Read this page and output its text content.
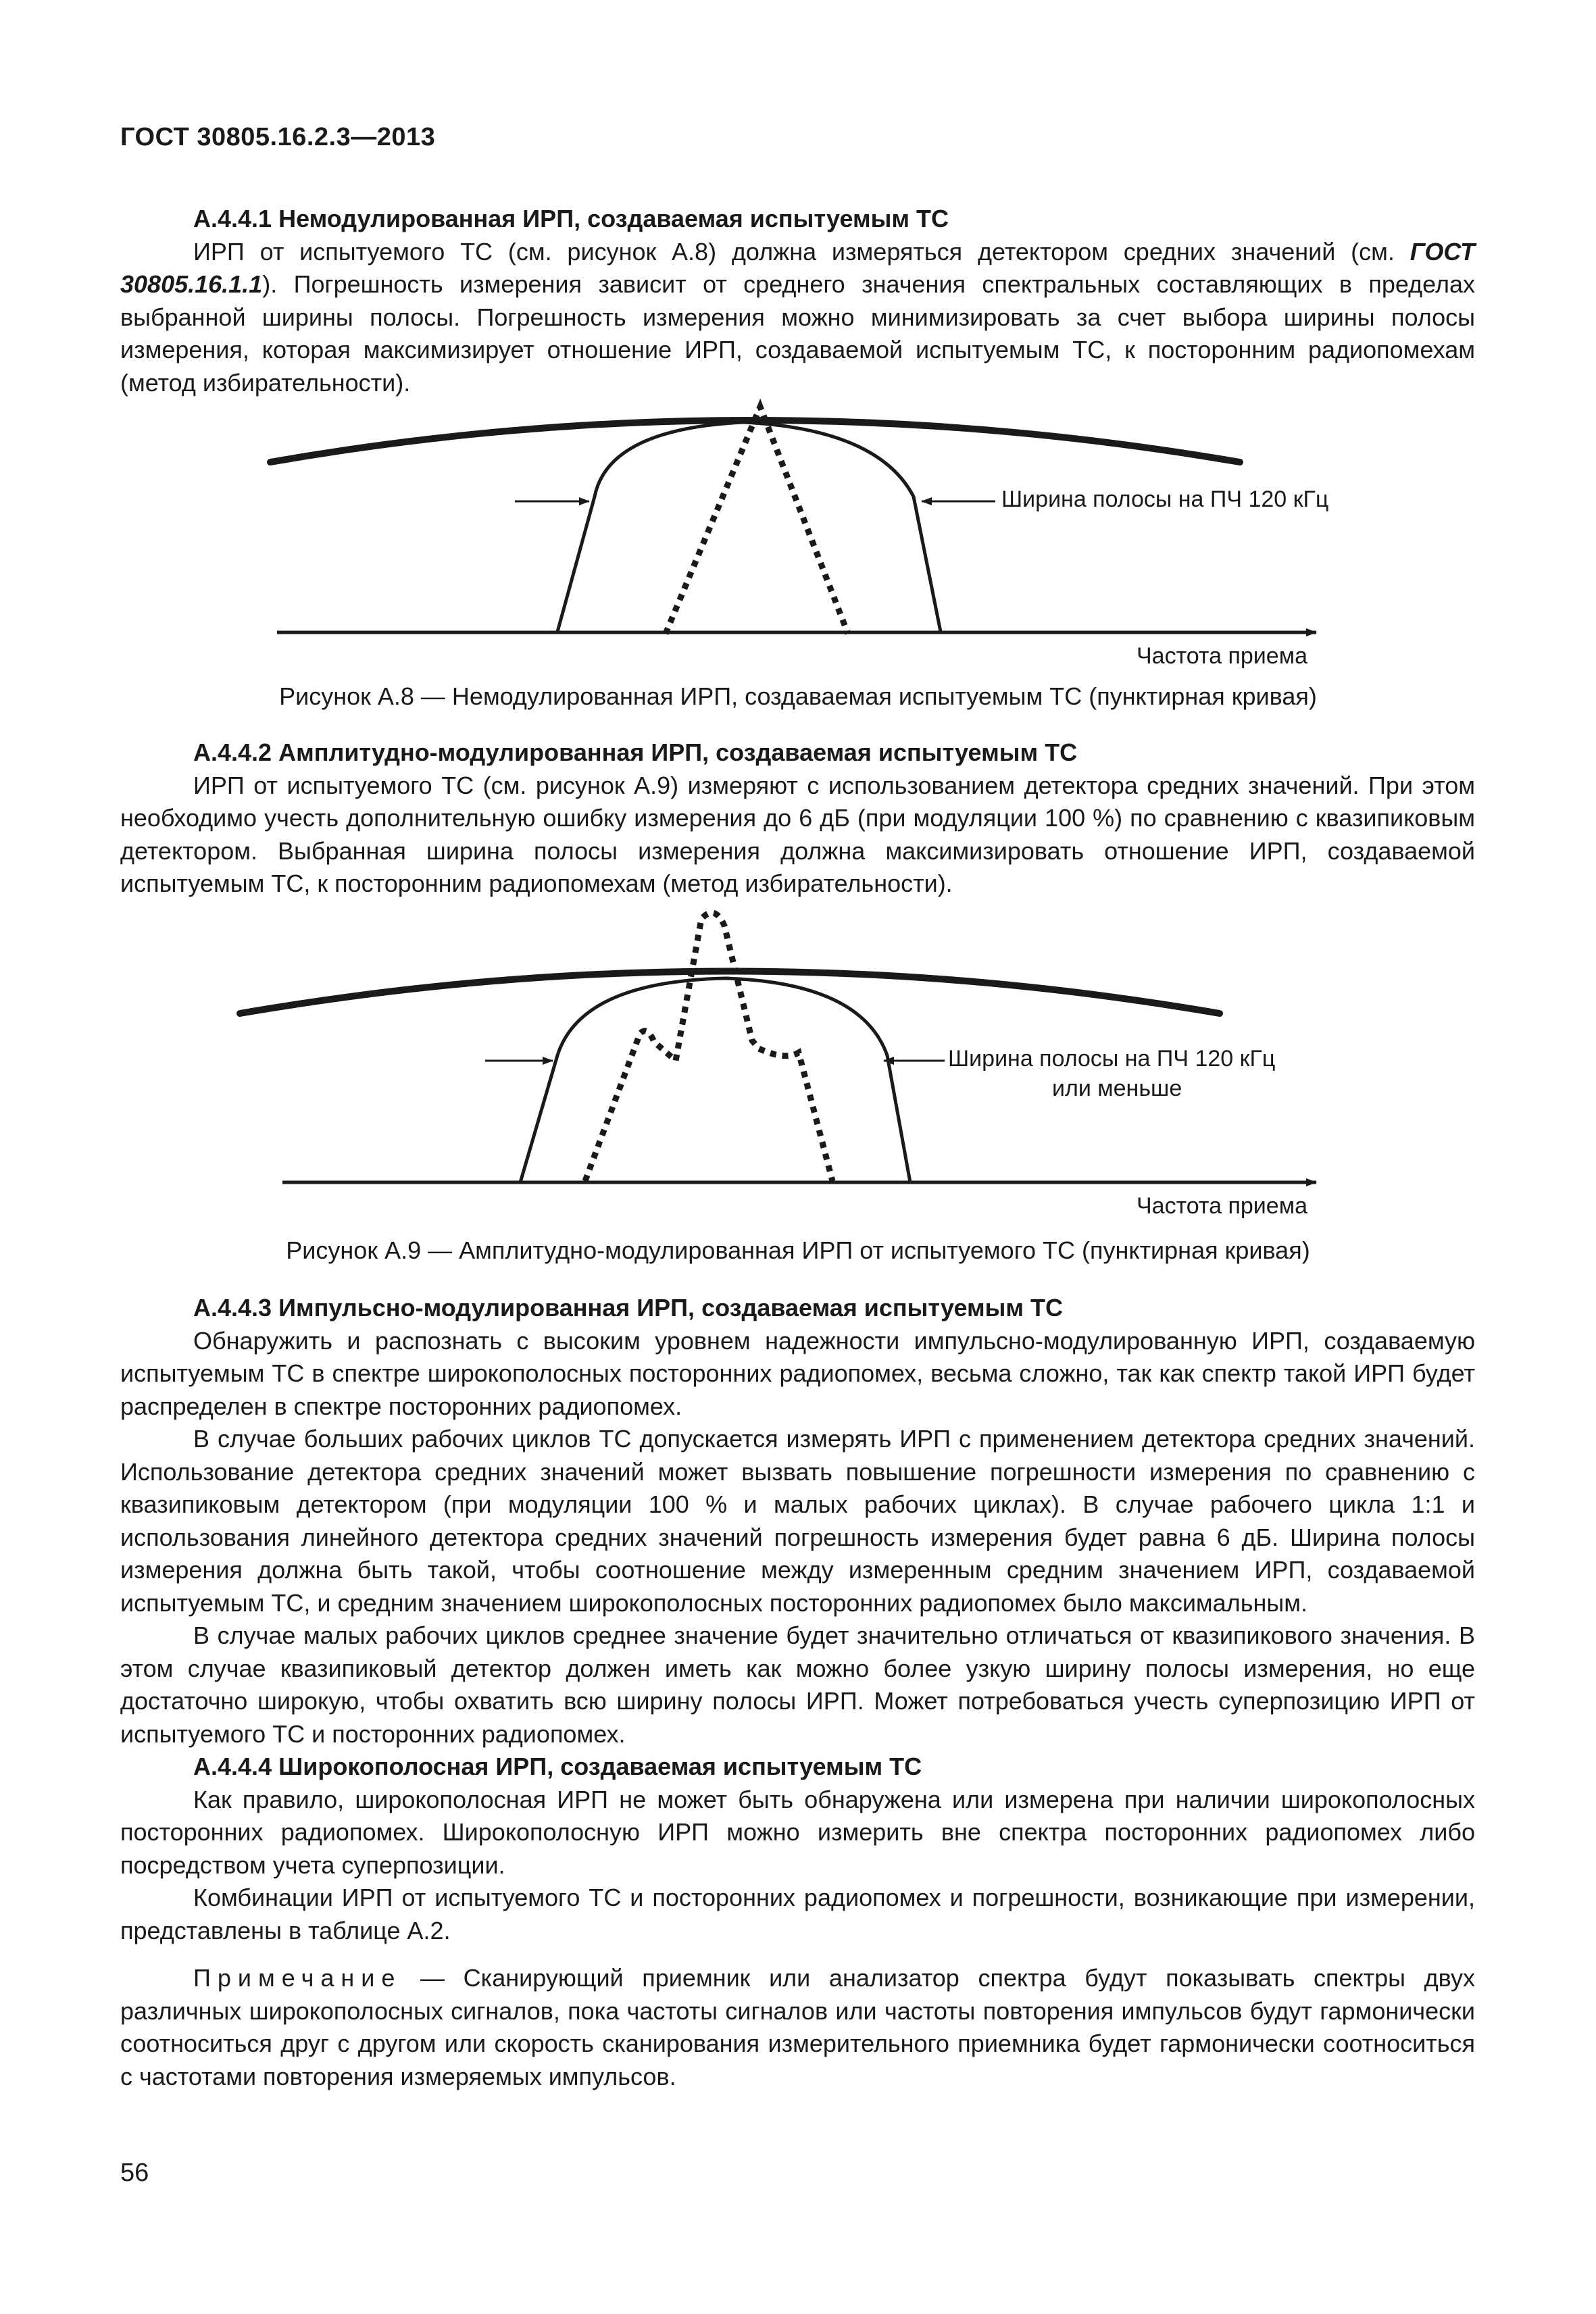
ГОСТ 30805.16.2.3—2013

А.4.4.1 Немодулированная ИРП, создаваемая испытуемым ТС

ИРП от испытуемого ТС (см. рисунок А.8) должна измеряться детектором средних значений (см. ГОСТ 30805.16.1.1). Погрешность измерения зависит от среднего значения спектральных составляющих в пределах выбранной ширины полосы. Погрешность измерения можно минимизировать за счет выбора ширины полосы измерения, которая максимизирует отношение ИРП, создаваемой испытуемым ТС, к посторонним радиопомехам (метод избирательности).

Ширина полосы на ПЧ 120 кГц
Частота приема
Рисунок А.8 — Немодулированная ИРП, создаваемая испытуемым ТС (пунктирная кривая)

А.4.4.2 Амплитудно-модулированная ИРП, создаваемая испытуемым ТС

ИРП от испытуемого ТС (см. рисунок А.9) измеряют с использованием детектора средних значений. При этом необходимо учесть дополнительную ошибку измерения до 6 дБ (при модуляции 100 %) по сравнению с квазипиковым детектором. Выбранная ширина полосы измерения должна максимизировать отношение ИРП, создаваемой испытуемым ТС, к посторонним радиопомехам (метод избирательности).

Ширина полосы на ПЧ 120 кГц
или меньше
Частота приема
Рисунок А.9 — Амплитудно-модулированная ИРП от испытуемого ТС (пунктирная кривая)

А.4.4.3 Импульсно-модулированная ИРП, создаваемая испытуемым ТС

Обнаружить и распознать с высоким уровнем надежности импульсно-модулированную ИРП, создаваемую испытуемым ТС в спектре широкополосных посторонних радиопомех, весьма сложно, так как спектр такой ИРП будет распределен в спектре посторонних радиопомех.

В случае больших рабочих циклов ТС допускается измерять ИРП с применением детектора средних значений. Использование детектора средних значений может вызвать повышение погрешности измерения по сравнению с квазипиковым детектором (при модуляции 100 % и малых рабочих циклах). В случае рабочего цикла 1:1 и использования линейного детектора средних значений погрешность измерения будет равна 6 дБ. Ширина полосы измерения должна быть такой, чтобы соотношение между измеренным средним значением ИРП, создаваемой испытуемым ТС, и средним значением широкополосных посторонних радиопомех было максимальным.

В случае малых рабочих циклов среднее значение будет значительно отличаться от квазипикового значения. В этом случае квазипиковый детектор должен иметь как можно более узкую ширину полосы измерения, но еще достаточно широкую, чтобы охватить всю ширину полосы ИРП. Может потребоваться учесть суперпозицию ИРП от испытуемого ТС и посторонних радиопомех.

А.4.4.4 Широкополосная ИРП, создаваемая испытуемым ТС

Как правило, широкополосная ИРП не может быть обнаружена или измерена при наличии широкополосных посторонних радиопомех. Широкополосную ИРП можно измерить вне спектра посторонних радиопомех либо посредством учета суперпозиции.

Комбинации ИРП от испытуемого ТС и посторонних радиопомех и погрешности, возникающие при измерении, представлены в таблице А.2.

Примечание — Сканирующий приемник или анализатор спектра будут показывать спектры двух различных широкополосных сигналов, пока частоты сигналов или частоты повторения импульсов будут гармонически соотноситься друг с другом или скорость сканирования измерительного приемника будет гармонически соотноситься с частотами повторения измеряемых импульсов.

56
